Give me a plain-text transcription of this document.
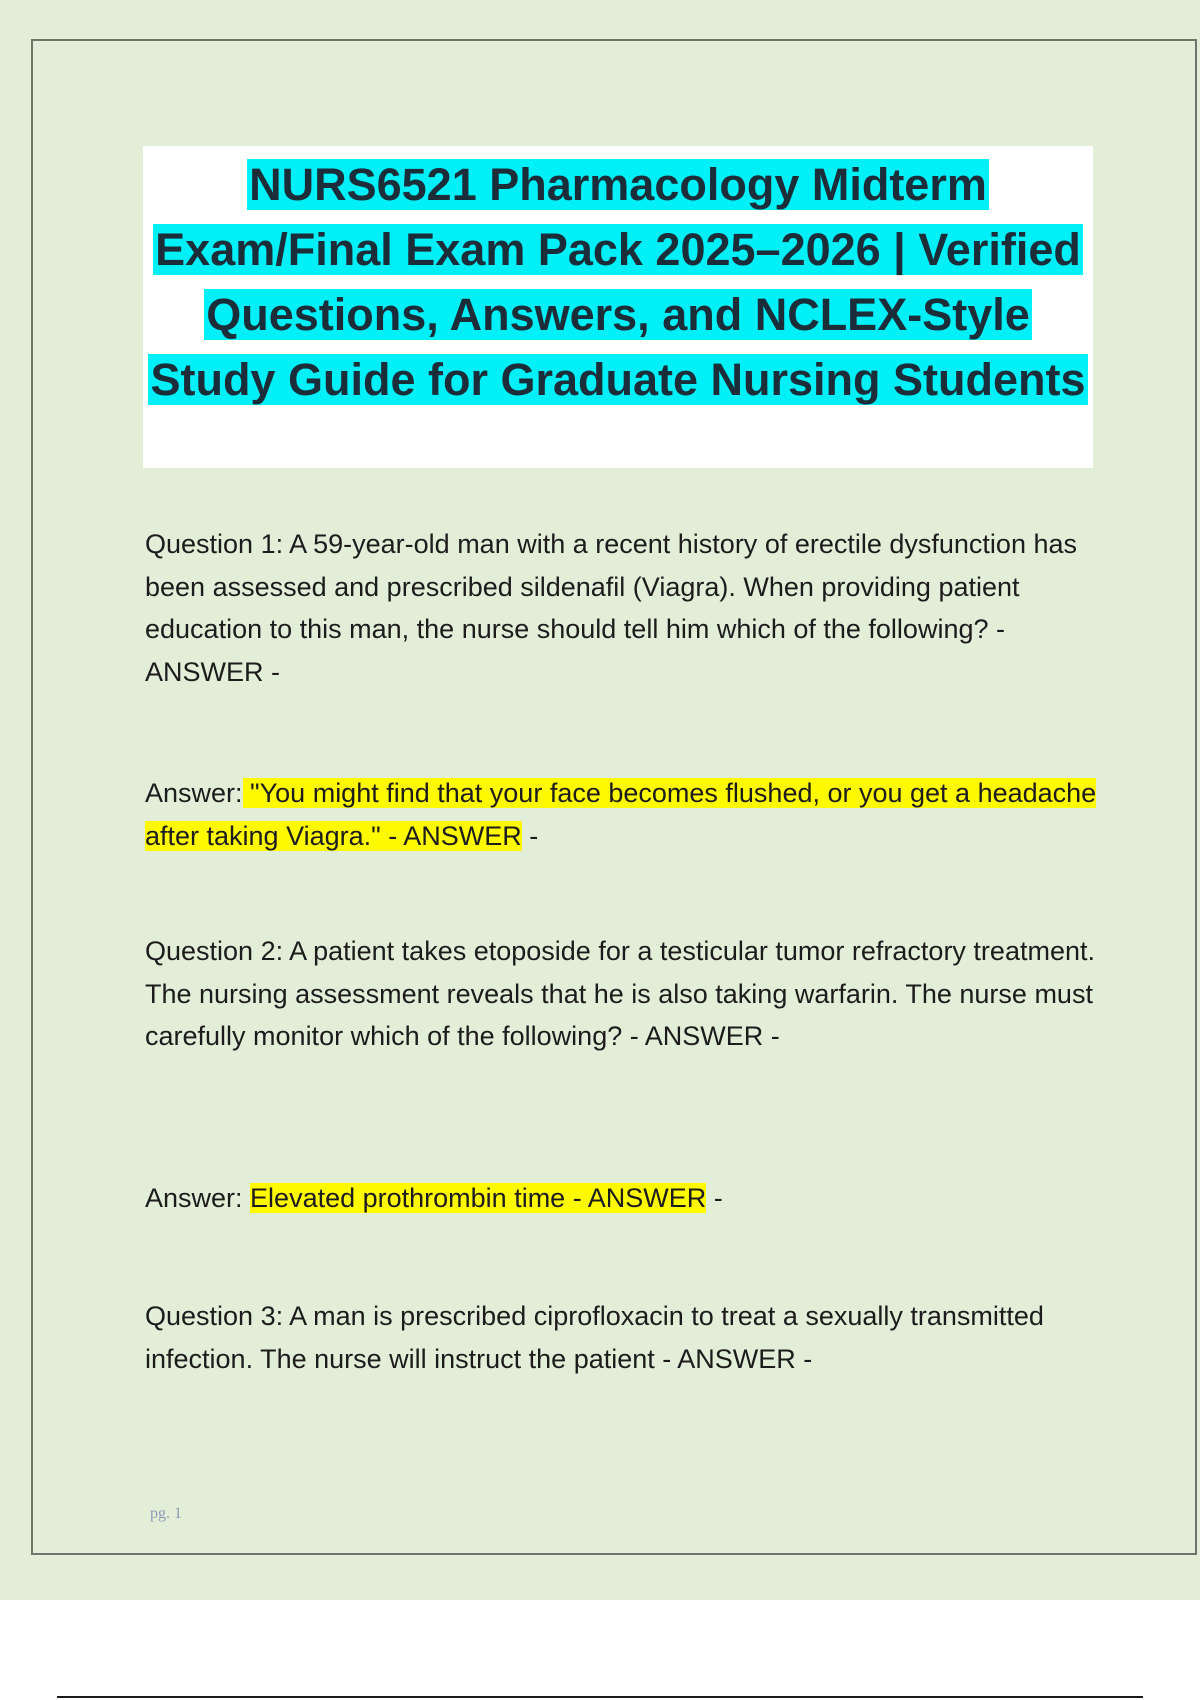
NURS6521 Pharmacology Midterm Exam/Final Exam Pack 2025–2026 | Verified Questions, Answers, and NCLEX-Style Study Guide for Graduate Nursing Students

Question 1: A 59-year-old man with a recent history of erectile dysfunction has been assessed and prescribed sildenafil (Viagra). When providing patient education to this man, the nurse should tell him which of the following? - ANSWER -

Answer: "You might find that your face becomes flushed, or you get a headache after taking Viagra." - ANSWER -

Question 2: A patient takes etoposide for a testicular tumor refractory treatment. The nursing assessment reveals that he is also taking warfarin. The nurse must carefully monitor which of the following? - ANSWER -

Answer: Elevated prothrombin time - ANSWER -

Question 3: A man is prescribed ciprofloxacin to treat a sexually transmitted infection. The nurse will instruct the patient - ANSWER -

pg. 1
